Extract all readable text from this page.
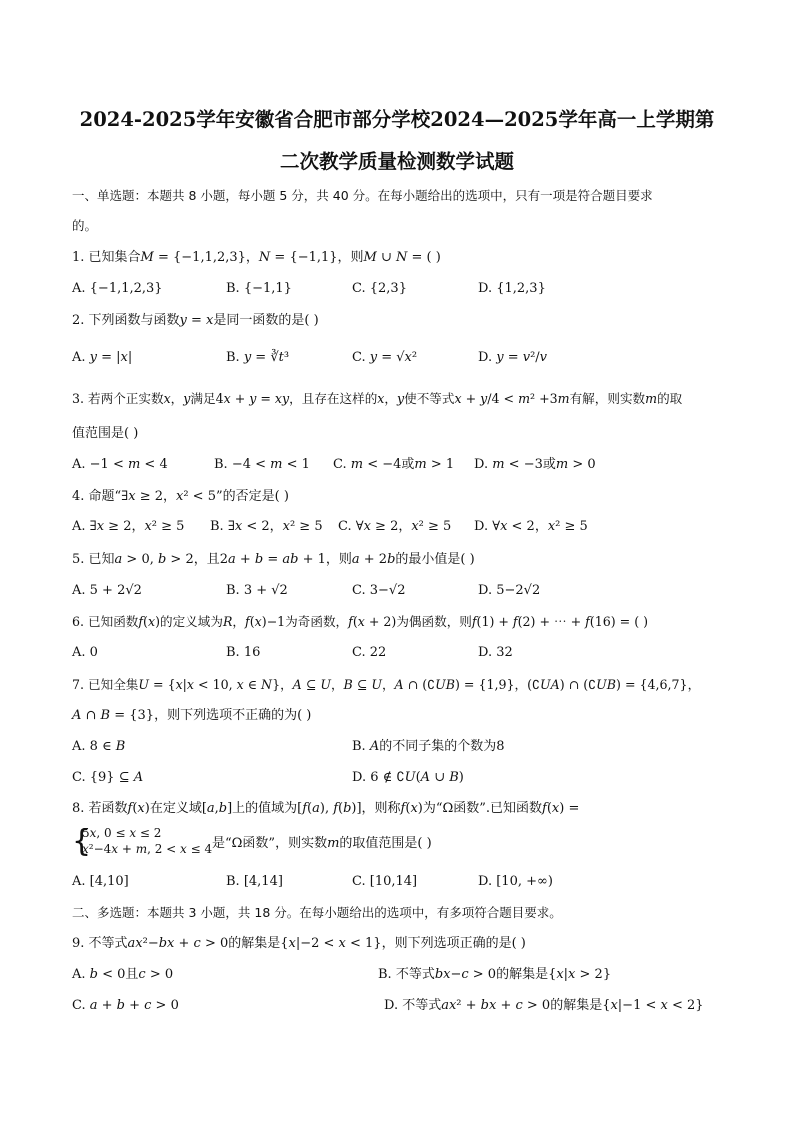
2024-2025学年安徽省合肥市部分学校2024—2025学年高一上学期第
二次教学质量检测数学试题
一、单选题：本题共 8 小题，每小题 5 分，共 40 分。在每小题给出的选项中，只有一项是符合题目要求
的。
1. 已知集合𝑀 = {−1,1,2,3}，𝑁 = {−1,1}，则𝑀 ∪ 𝑁 = ( )
A. {−1,1,2,3}	B. {−1,1}	C. {2,3}	D. {1,2,3}
2. 下列函数与函数𝑦 = 𝑥是同一函数的是( )
A. 𝑦 = |𝑥|	B. 𝑦 = ∛𝑡³	C. 𝑦 = √𝑥²	D. 𝑦 = 𝑣²/𝑣
3. 若两个正实数𝑥，𝑦满足4𝑥 + 𝑦 = 𝑥𝑦，且存在这样的𝑥，𝑦使不等式𝑥 + 𝑦/4 < 𝑚² +3𝑚有解，则实数𝑚的取
值范围是( )
A. −1 < 𝑚 < 4	B. −4 < 𝑚 < 1 C. 𝑚 < −4或𝑚 > 1 D. 𝑚 < −3或𝑚 > 0
4. 命题“∃𝑥 ≥ 2，𝑥² < 5”的否定是( )
A. ∃𝑥 ≥ 2，𝑥² ≥ 5 B. ∃𝑥 < 2，𝑥² ≥ 5 C. ∀𝑥 ≥ 2，𝑥² ≥ 5 D. ∀𝑥 < 2，𝑥² ≥ 5
5. 已知𝑎 > 0, 𝑏 > 2，且2𝑎 + 𝑏 = 𝑎𝑏 + 1，则𝑎 + 2𝑏的最小值是( )
A. 5 + 2√2	B. 3 + √2	C. 3−√2	D. 5−2√2
6. 已知函数𝑓(𝑥)的定义域为𝑅，𝑓(𝑥)−1为奇函数，𝑓(𝑥 + 2)为偶函数，则𝑓(1) + 𝑓(2) + ⋯ + 𝑓(16) = ( )
A. 0	B. 16	C. 22	D. 32
7. 已知全集𝑈 = {𝑥|𝑥 < 10, 𝑥 ∈ 𝑁}，𝐴 ⊆ 𝑈，𝐵 ⊆ 𝑈，𝐴 ∩ (∁𝑈𝐵) = {1,9}，(∁𝑈𝐴) ∩ (∁𝑈𝐵) = {4,6,7}，
𝐴 ∩ 𝐵 = {3}，则下列选项不正确的为( )
A. 8 ∈ 𝐵	B. 𝐴的不同子集的个数为8
C. {9} ⊆ 𝐴	D. 6 ∉ ∁𝑈(𝐴 ∪ 𝐵)
8. 若函数𝑓(𝑥)在定义域[𝑎,𝑏]上的值域为[𝑓(𝑎), 𝑓(𝑏)]，则称𝑓(𝑥)为“Ω函数”.已知函数𝑓(𝑥) =
{
5𝑥, 0 ≤ 𝑥 ≤ 2
𝑥²−4𝑥 + 𝑚, 2 < 𝑥 ≤ 4 是“Ω函数”，则实数𝑚的取值范围是( )
A. [4,10]	B. [4,14]	C. [10,14]	D. [10, +∞)
二、多选题：本题共 3 小题，共 18 分。在每小题给出的选项中，有多项符合题目要求。
9. 不等式𝑎𝑥²−𝑏𝑥 + 𝑐 > 0的解集是{𝑥|−2 < 𝑥 < 1}，则下列选项正确的是( )
A. 𝑏 < 0且𝑐 > 0	B. 不等式𝑏𝑥−𝑐 > 0的解集是{𝑥|𝑥 > 2}
C. 𝑎 + 𝑏 + 𝑐 > 0	D. 不等式𝑎𝑥² + 𝑏𝑥 + 𝑐 > 0的解集是{𝑥|−1 < 𝑥 < 2}
